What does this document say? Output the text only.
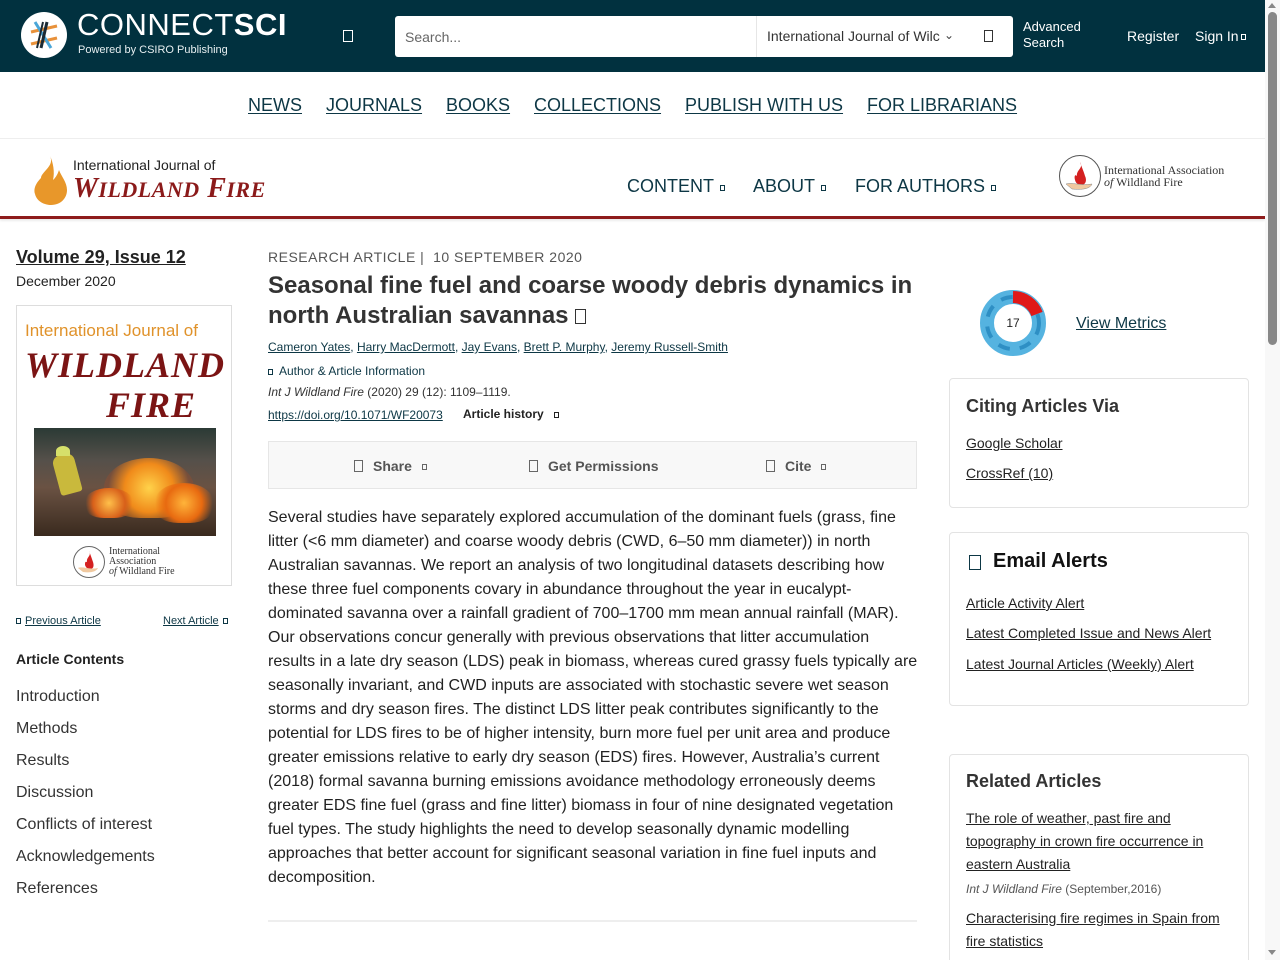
CONNECTSCI
Powered by CSIRO Publishing
Search...
International Journal of Wilc ⌄
Advanced
Search	Register Sign In
NEWS JOURNALS BOOKS COLLECTIONS PUBLISH WITH US FOR LIBRARIANS
International Journal of
WILDLAND FIRE	CONTENT	ABOUT	FOR AUTHORS
International Association
of Wildland Fire
Volume 29, Issue 12
December 2020
International Journal of
WILDLAND
FIRE
International
Association
of Wildland Fire
Previous Article	Next Article
Article Contents
Introduction
Methods
Results
Discussion
Conflicts of interest
Acknowledgements
References
RESEARCH ARTICLE | 10 SEPTEMBER 2020
Seasonal fine fuel and coarse woody debris dynamics in north Australian savannas
Cameron Yates, Harry MacDermott, Jay Evans, Brett P. Murphy, Jeremy Russell-Smith
Author & Article Information
Int J Wildland Fire (2020) 29 (12): 1109–1119.
https://doi.org/10.1071/WF20073 Article history
Share	Get Permissions	Cite

Several studies have separately explored accumulation of the dominant fuels (grass, fine litter (<6 mm diameter) and coarse woody debris (CWD, 6–50 mm diameter)) in north Australian savannas. We report an analysis of two longitudinal datasets describing how these three fuel components covary in abundance throughout the year in eucalypt-dominated savanna over a rainfall gradient of 700–1700 mm mean annual rainfall (MAR). Our observations concur generally with previous observations that litter accumulation results in a late dry season (LDS) peak in biomass, whereas cured grassy fuels typically are seasonally invariant, and CWD inputs are associated with stochastic severe wet season storms and dry season fires. The distinct LDS litter peak contributes significantly to the potential for LDS fires to be of higher intensity, burn more fuel per unit area and produce greater emissions relative to early dry season (EDS) fires. However, Australia’s current (2018) formal savanna burning emissions avoidance methodology erroneously deems greater EDS fine fuel (grass and fine litter) biomass in four of nine designated vegetation fuel types. The study highlights the need to develop seasonally dynamic modelling approaches that better account for significant seasonal variation in fine fuel inputs and decomposition.

17	View Metrics
Citing Articles Via
Google Scholar
CrossRef (10)
Email Alerts
Article Activity Alert
Latest Completed Issue and News Alert
Latest Journal Articles (Weekly) Alert
Related Articles
The role of weather, past fire and topography in crown fire occurrence in eastern Australia
Int J Wildland Fire (September,2016)
Characterising fire regimes in Spain from fire statistics
